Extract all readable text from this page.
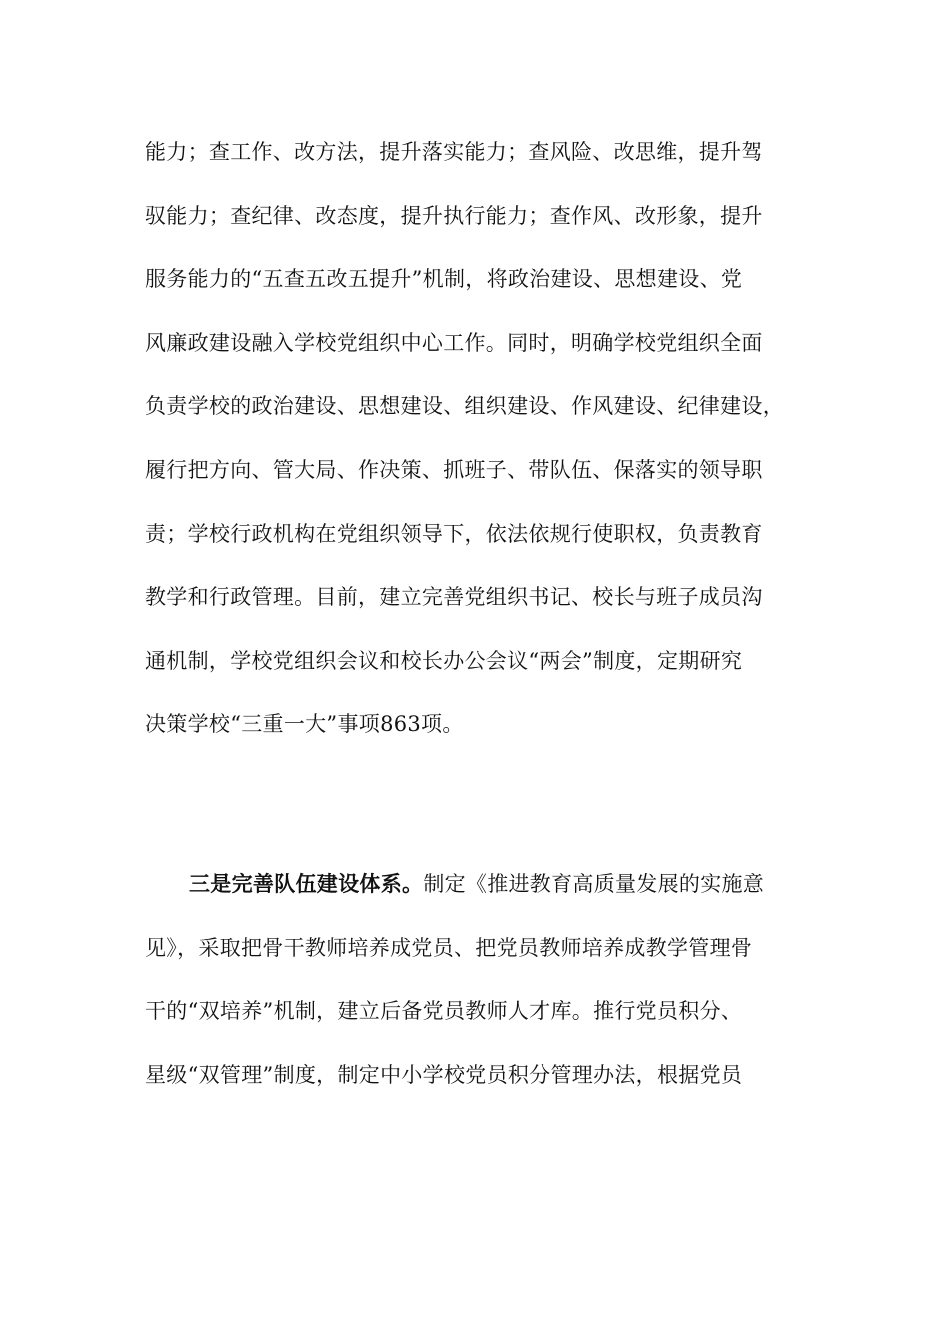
能力；查工作、改方法，提升落实能力；查风险、改思维，提升驾
驭能力；查纪律、改态度，提升执行能力；查作风、改形象，提升
服务能力的“五查五改五提升”机制，将政治建设、思想建设、党
风廉政建设融入学校党组织中心工作。同时，明确学校党组织全面
负责学校的政治建设、思想建设、组织建设、作风建设、纪律建设，
履行把方向、管大局、作决策、抓班子、带队伍、保落实的领导职
责；学校行政机构在党组织领导下，依法依规行使职权，负责教育
教学和行政管理。目前，建立完善党组织书记、校长与班子成员沟
通机制，学校党组织会议和校长办公会议“两会”制度，定期研究
决策学校“三重一大”事项863项。
三是完善队伍建设体系。制定《推进教育高质量发展的实施意
见》，采取把骨干教师培养成党员、把党员教师培养成教学管理骨
干的“双培养”机制，建立后备党员教师人才库。推行党员积分、
星级“双管理”制度，制定中小学校党员积分管理办法，根据党员
